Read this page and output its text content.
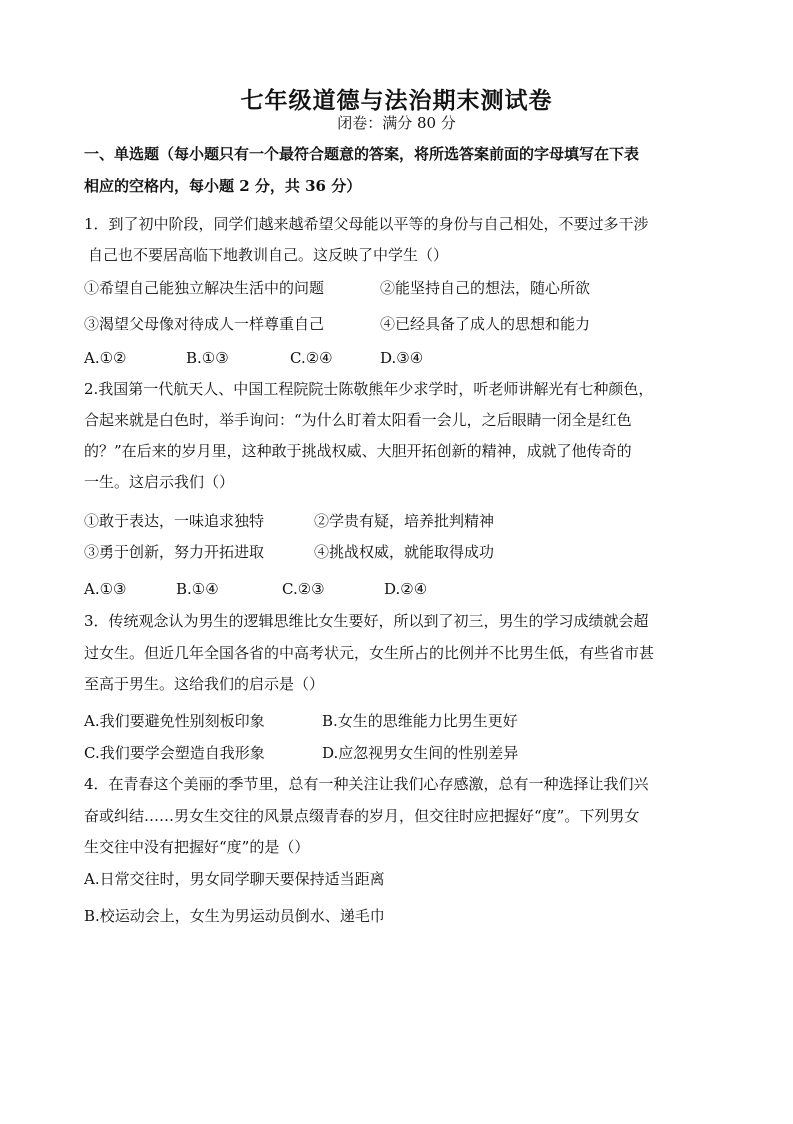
七年级道德与法治期末测试卷
闭卷：满分 80 分
一、单选题（每小题只有一个最符合题意的答案，将所选答案前面的字母填写在下表
相应的空格内，每小题 2 分，共 36 分）
1．到了初中阶段，同学们越来越希望父母能以平等的身份与自己相处，不要过多干涉
自己也不要居高临下地教训自己。这反映了中学生（）
①希望自己能独立解决生活中的问题	②能坚持自己的想法，随心所欲
③渴望父母像对待成人一样尊重自己	④已经具备了成人的思想和能力
A.①②	B.①③	C.②④	D.③④
2.我国第一代航天人、中国工程院院士陈敬熊年少求学时，听老师讲解光有七种颜色，
合起来就是白色时，举手询问：“为什么盯着太阳看一会儿，之后眼睛一闭全是红色
的？”在后来的岁月里，这种敢于挑战权威、大胆开拓创新的精神，成就了他传奇的
一生。这启示我们（）
①敢于表达，一味追求独特	②学贵有疑，培养批判精神
③勇于创新，努力开拓进取	④挑战权威，就能取得成功
A.①③	B.①④	C.②③	D.②④
3．传统观念认为男生的逻辑思维比女生要好，所以到了初三，男生的学习成绩就会超
过女生。但近几年全国各省的中高考状元，女生所占的比例并不比男生低，有些省市甚
至高于男生。这给我们的启示是（）
A.我们要避免性别刻板印象	B.女生的思维能力比男生更好
C.我们要学会塑造自我形象	D.应忽视男女生间的性别差异
4．在青春这个美丽的季节里，总有一种关注让我们心存感激，总有一种选择让我们兴
奋或纠结……男女生交往的风景点缀青春的岁月，但交往时应把握好“度”。下列男女
生交往中没有把握好“度”的是（）
A.日常交往时，男女同学聊天要保持适当距离
B.校运动会上，女生为男运动员倒水、递毛巾
